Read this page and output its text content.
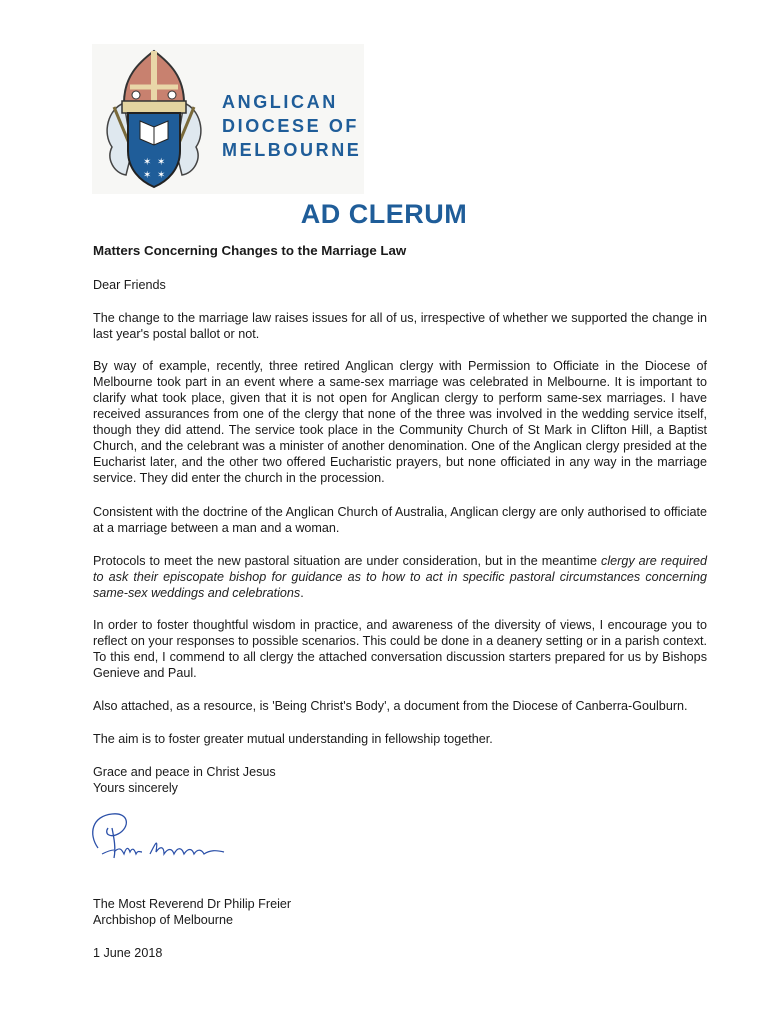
✶ ✶
✶ ✶
ANGLICAN
DIOCESE OF
MELBOURNE
AD CLERUM
Matters Concerning Changes to the Marriage Law
Dear Friends

The change to the marriage law raises issues for all of us, irrespective of whether we supported the change in last year's postal ballot or not.

By way of example, recently, three retired Anglican clergy with Permission to Officiate in the Diocese of Melbourne took part in an event where a same-sex marriage was celebrated in Melbourne. It is important to clarify what took place, given that it is not open for Anglican clergy to perform same-sex marriages. I have received assurances from one of the clergy that none of the three was involved in the wedding service itself, though they did attend. The service took place in the Community Church of St Mark in Clifton Hill, a Baptist Church, and the celebrant was a minister of another denomination. One of the Anglican clergy presided at the Eucharist later, and the other two offered Eucharistic prayers, but none officiated in any way in the marriage service. They did enter the church in the procession.

Consistent with the doctrine of the Anglican Church of Australia, Anglican clergy are only authorised to officiate at a marriage between a man and a woman.

Protocols to meet the new pastoral situation are under consideration, but in the meantime clergy are required to ask their episcopate bishop for guidance as to how to act in specific pastoral circumstances concerning same-sex weddings and celebrations.

In order to foster thoughtful wisdom in practice, and awareness of the diversity of views, I encourage you to reflect on your responses to possible scenarios. This could be done in a deanery setting or in a parish context. To this end, I commend to all clergy the attached conversation discussion starters prepared for us by Bishops Genieve and Paul.

Also attached, as a resource, is 'Being Christ's Body', a document from the Diocese of Canberra-Goulburn.

The aim is to foster greater mutual understanding in fellowship together.

Grace and peace in Christ Jesus
Yours sincerely
The Most Reverend Dr Philip Freier
Archbishop of Melbourne
1 June 2018
